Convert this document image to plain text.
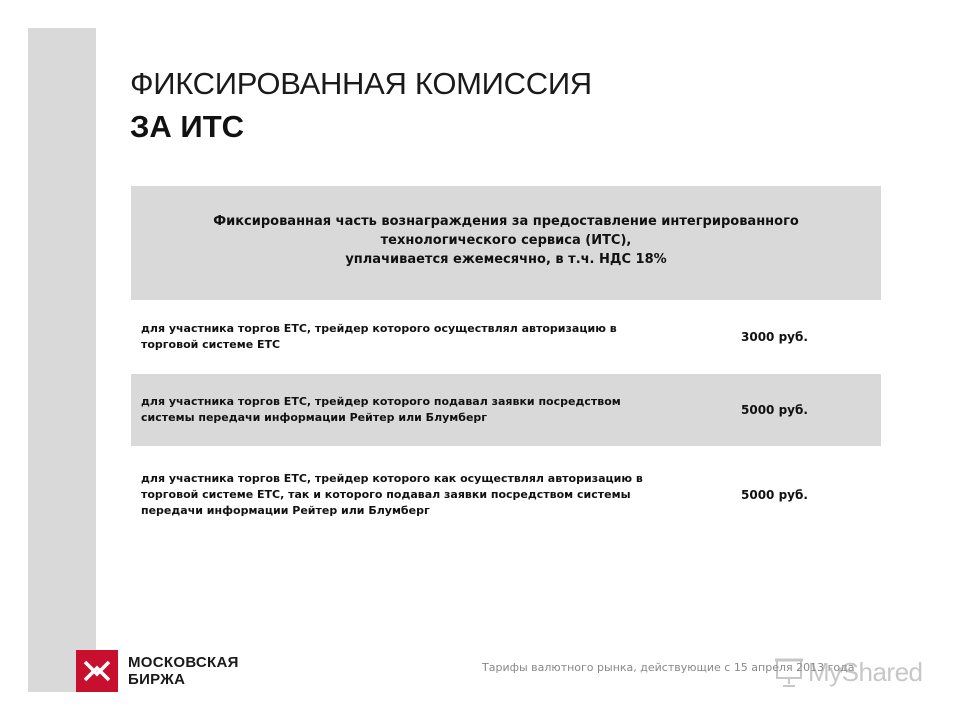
ФИКСИРОВАННАЯ КОМИССИЯ
ЗА ИТС
Фиксированная часть вознаграждения за предоставление интегрированного
технологического сервиса (ИТС),
уплачивается ежемесячно, в т.ч. НДС 18%
для участника торгов ЕТС, трейдер которого осуществлял авторизацию в торговой системе ЕТС
3000 руб.
для участника торгов ЕТС, трейдер которого подавал заявки посредством системы передачи информации Рейтер или Блумберг
5000 руб.
для участника торгов ЕТС, трейдер которого как осуществлял авторизацию в торговой системе ЕТС, так и которого подавал заявки посредством системы передачи информации Рейтер или Блумберг
5000 руб.
МОСКОВСКАЯ
БИРЖА
Тарифы валютного рынка, действующие с 15 апреля 2013 года
MyShared
